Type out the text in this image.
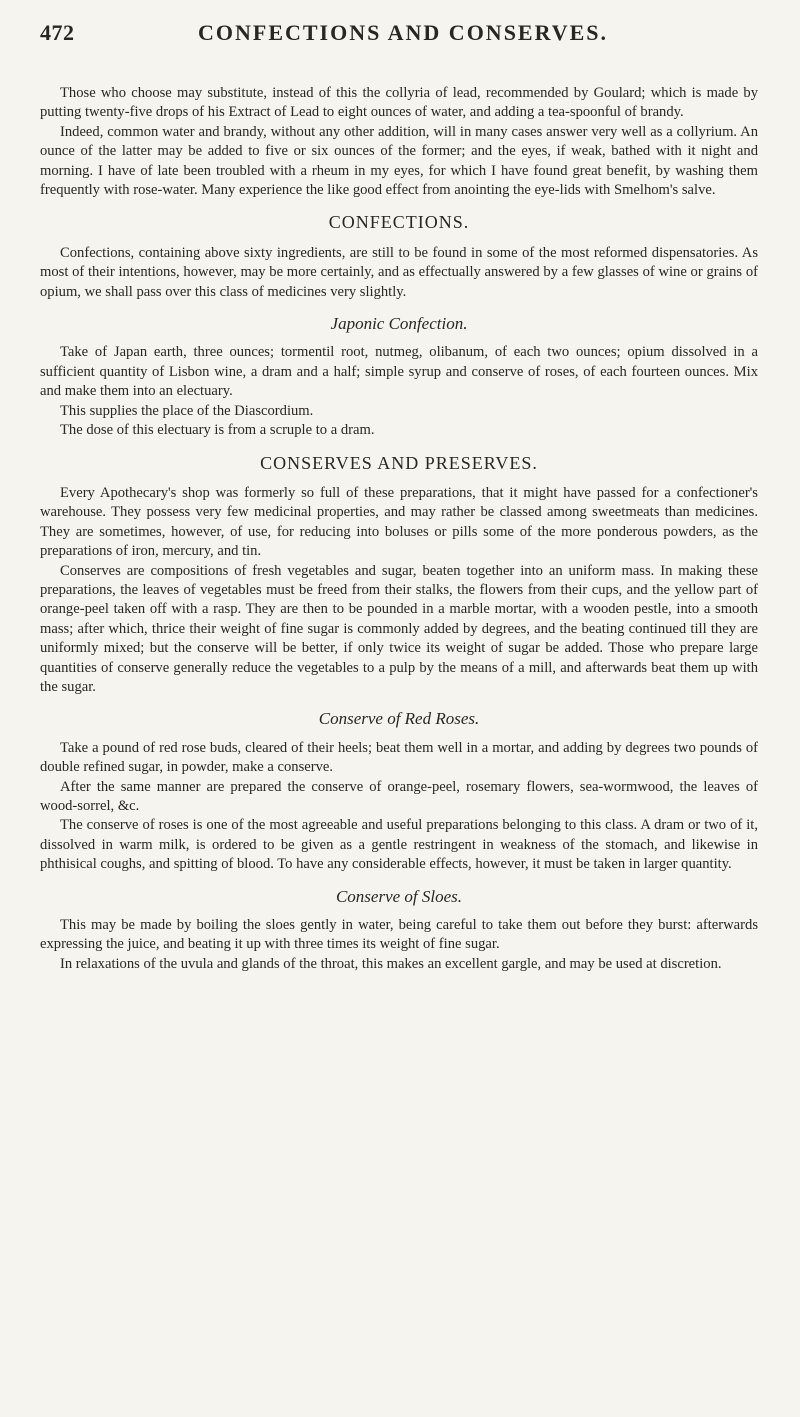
472	CONFECTIONS AND CONSERVES.

Those who choose may substitute, instead of this the collyria of lead, recommended by Goulard; which is made by putting twenty-five drops of his Extract of Lead to eight ounces of water, and adding a tea-spoonful of brandy.

Indeed, common water and brandy, without any other addition, will in many cases answer very well as a collyrium. An ounce of the latter may be added to five or six ounces of the former; and the eyes, if weak, bathed with it night and morning. I have of late been troubled with a rheum in my eyes, for which I have found great benefit, by washing them frequently with rose-water. Many experience the like good effect from anointing the eye-lids with Smelhom's salve.

CONFECTIONS.

Confections, containing above sixty ingredients, are still to be found in some of the most reformed dispensatories. As most of their intentions, however, may be more certainly, and as effectually answered by a few glasses of wine or grains of opium, we shall pass over this class of medicines very slightly.

Japonic Confection.

Take of Japan earth, three ounces; tormentil root, nutmeg, olibanum, of each two ounces; opium dissolved in a sufficient quantity of Lisbon wine, a dram and a half; simple syrup and conserve of roses, of each fourteen ounces. Mix and make them into an electuary.

This supplies the place of the Diascordium.

The dose of this electuary is from a scruple to a dram.

CONSERVES AND PRESERVES.

Every Apothecary's shop was formerly so full of these preparations, that it might have passed for a confectioner's warehouse. They possess very few medicinal properties, and may rather be classed among sweetmeats than medicines. They are sometimes, however, of use, for reducing into boluses or pills some of the more ponderous powders, as the preparations of iron, mercury, and tin.

Conserves are compositions of fresh vegetables and sugar, beaten together into an uniform mass. In making these preparations, the leaves of vegetables must be freed from their stalks, the flowers from their cups, and the yellow part of orange-peel taken off with a rasp. They are then to be pounded in a marble mortar, with a wooden pestle, into a smooth mass; after which, thrice their weight of fine sugar is commonly added by degrees, and the beating continued till they are uniformly mixed; but the conserve will be better, if only twice its weight of sugar be added. Those who prepare large quantities of conserve generally reduce the vegetables to a pulp by the means of a mill, and afterwards beat them up with the sugar.

Conserve of Red Roses.

Take a pound of red rose buds, cleared of their heels; beat them well in a mortar, and adding by degrees two pounds of double refined sugar, in powder, make a conserve.

After the same manner are prepared the conserve of orange-peel, rosemary flowers, sea-wormwood, the leaves of wood-sorrel, &c.

The conserve of roses is one of the most agreeable and useful preparations belonging to this class. A dram or two of it, dissolved in warm milk, is ordered to be given as a gentle restringent in weakness of the stomach, and likewise in phthisical coughs, and spitting of blood. To have any considerable effects, however, it must be taken in larger quantity.

Conserve of Sloes.

This may be made by boiling the sloes gently in water, being careful to take them out before they burst: afterwards expressing the juice, and beating it up with three times its weight of fine sugar.

In relaxations of the uvula and glands of the throat, this makes an excellent gargle, and may be used at discretion.
